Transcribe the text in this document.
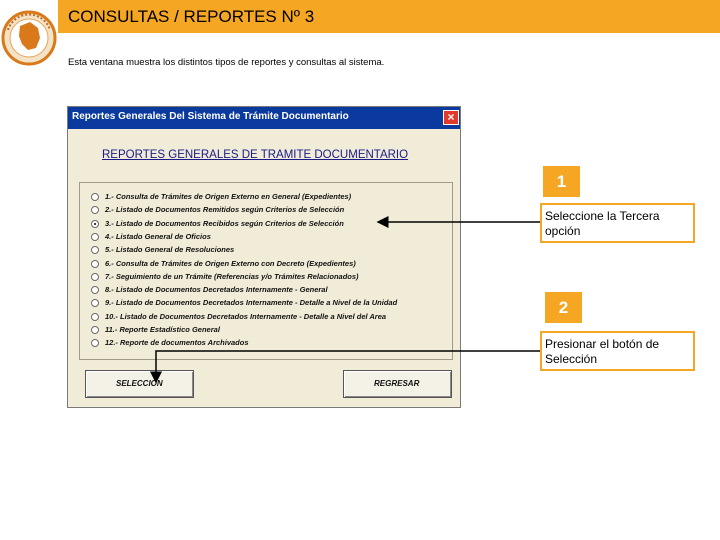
CONSULTAS / REPORTES Nº 3
Esta ventana muestra los distintos tipos de reportes y consultas al sistema.
Reportes Generales Del Sistema de Trámite Documentario	×
REPORTES GENERALES DE TRAMITE DOCUMENTARIO
1.- Consulta de Trámites de Origen Externo en General (Expedientes)
2.- Listado de Documentos Remitidos según Criterios de Selección
3.- Listado de Documentos Recibidos según Criterios de Selección
4.- Listado General de Oficios
5.- Listado General de Resoluciones
6.- Consulta de Trámites de Origen Externo con Decreto (Expedientes)
7.- Seguimiento de un Trámite (Referencias y/o Trámites Relacionados)
8.- Listado de Documentos Decretados Internamente - General
9.- Listado de Documentos Decretados Internamente - Detalle a Nivel de la Unidad
10.- Listado de Documentos Decretados Internamente - Detalle a Nivel del Area
11.- Reporte Estadístico General
12.- Reporte de documentos Archivados
SELECCIÓN	REGRESAR
1
Seleccione la Tercera opción
2
Presionar el botón de Selección
